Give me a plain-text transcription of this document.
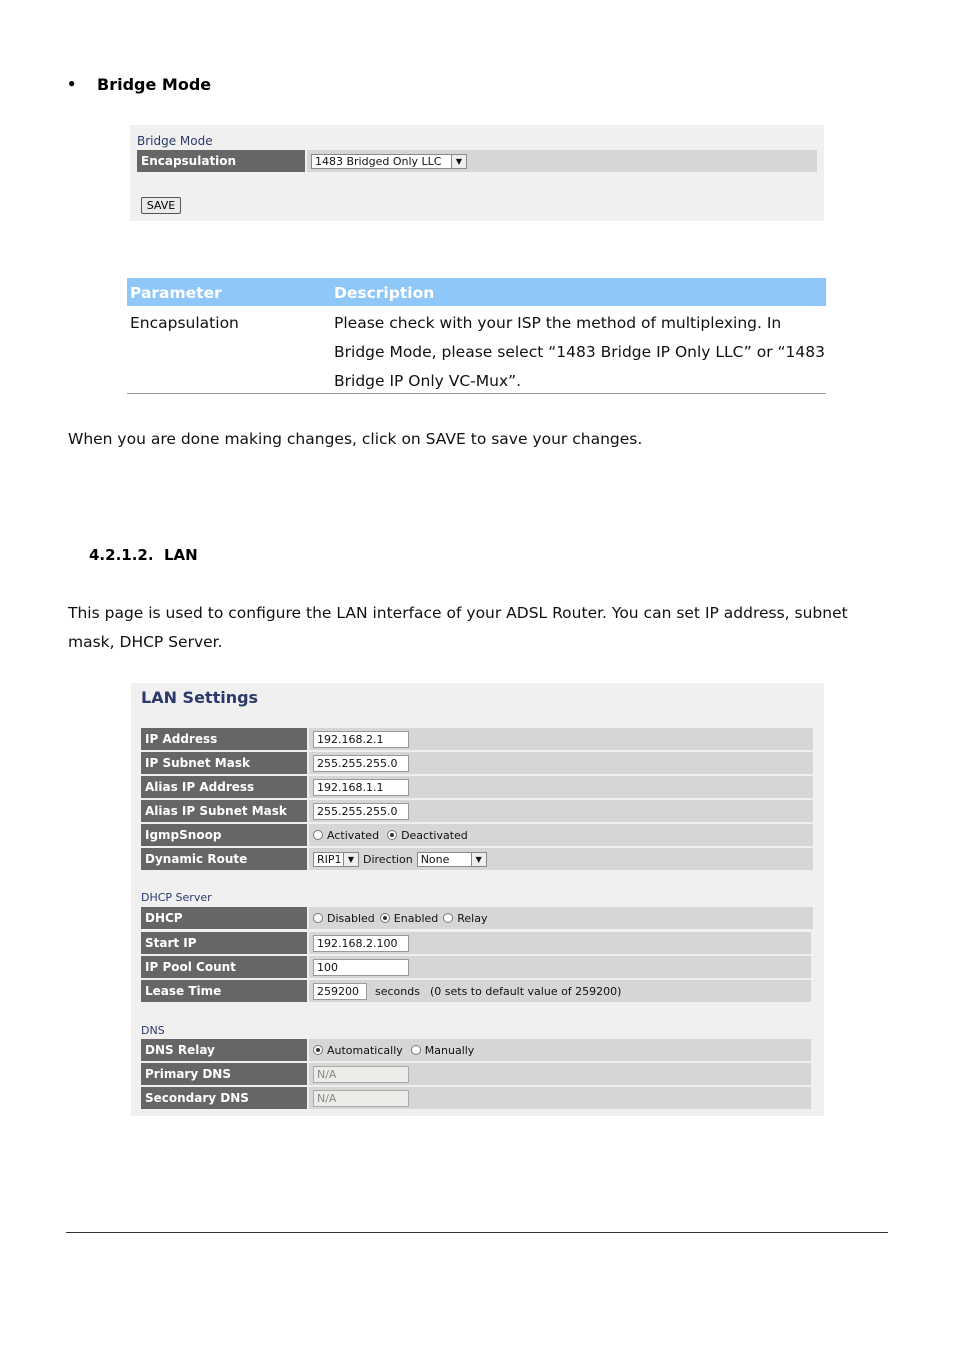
● Bridge Mode
Bridge Mode
Encapsulation	1483 Bridged Only LLC	▼
SAVE
Parameter	Description
Encapsulation	Please check with your ISP the method of multiplexing. In
Bridge Mode, please select “1483 Bridge IP Only LLC” or “1483
Bridge IP Only VC-Mux”.
When you are done making changes, click on SAVE to save your changes.
4.2.1.2.  LAN
This page is used to configure the LAN interface of your ADSL Router. You can set IP address, subnet
mask, DHCP Server.
LAN Settings
IP Address	192.168.2.1
IP Subnet Mask	255.255.255.0
Alias IP Address	192.168.1.1
Alias IP Subnet Mask	255.255.255.0
IgmpSnoop	Activated Deactivated
Dynamic Route	RIP1 ▼ Direction None	▼
DHCP Server
DHCP	Disabled Enabled Relay
Start IP	192.168.2.100
IP Pool Count	100
Lease Time	259200	seconds (0 sets to default value of 259200)
DNS
DNS Relay	Automatically Manually
Primary DNS	N/A
Secondary DNS	N/A
